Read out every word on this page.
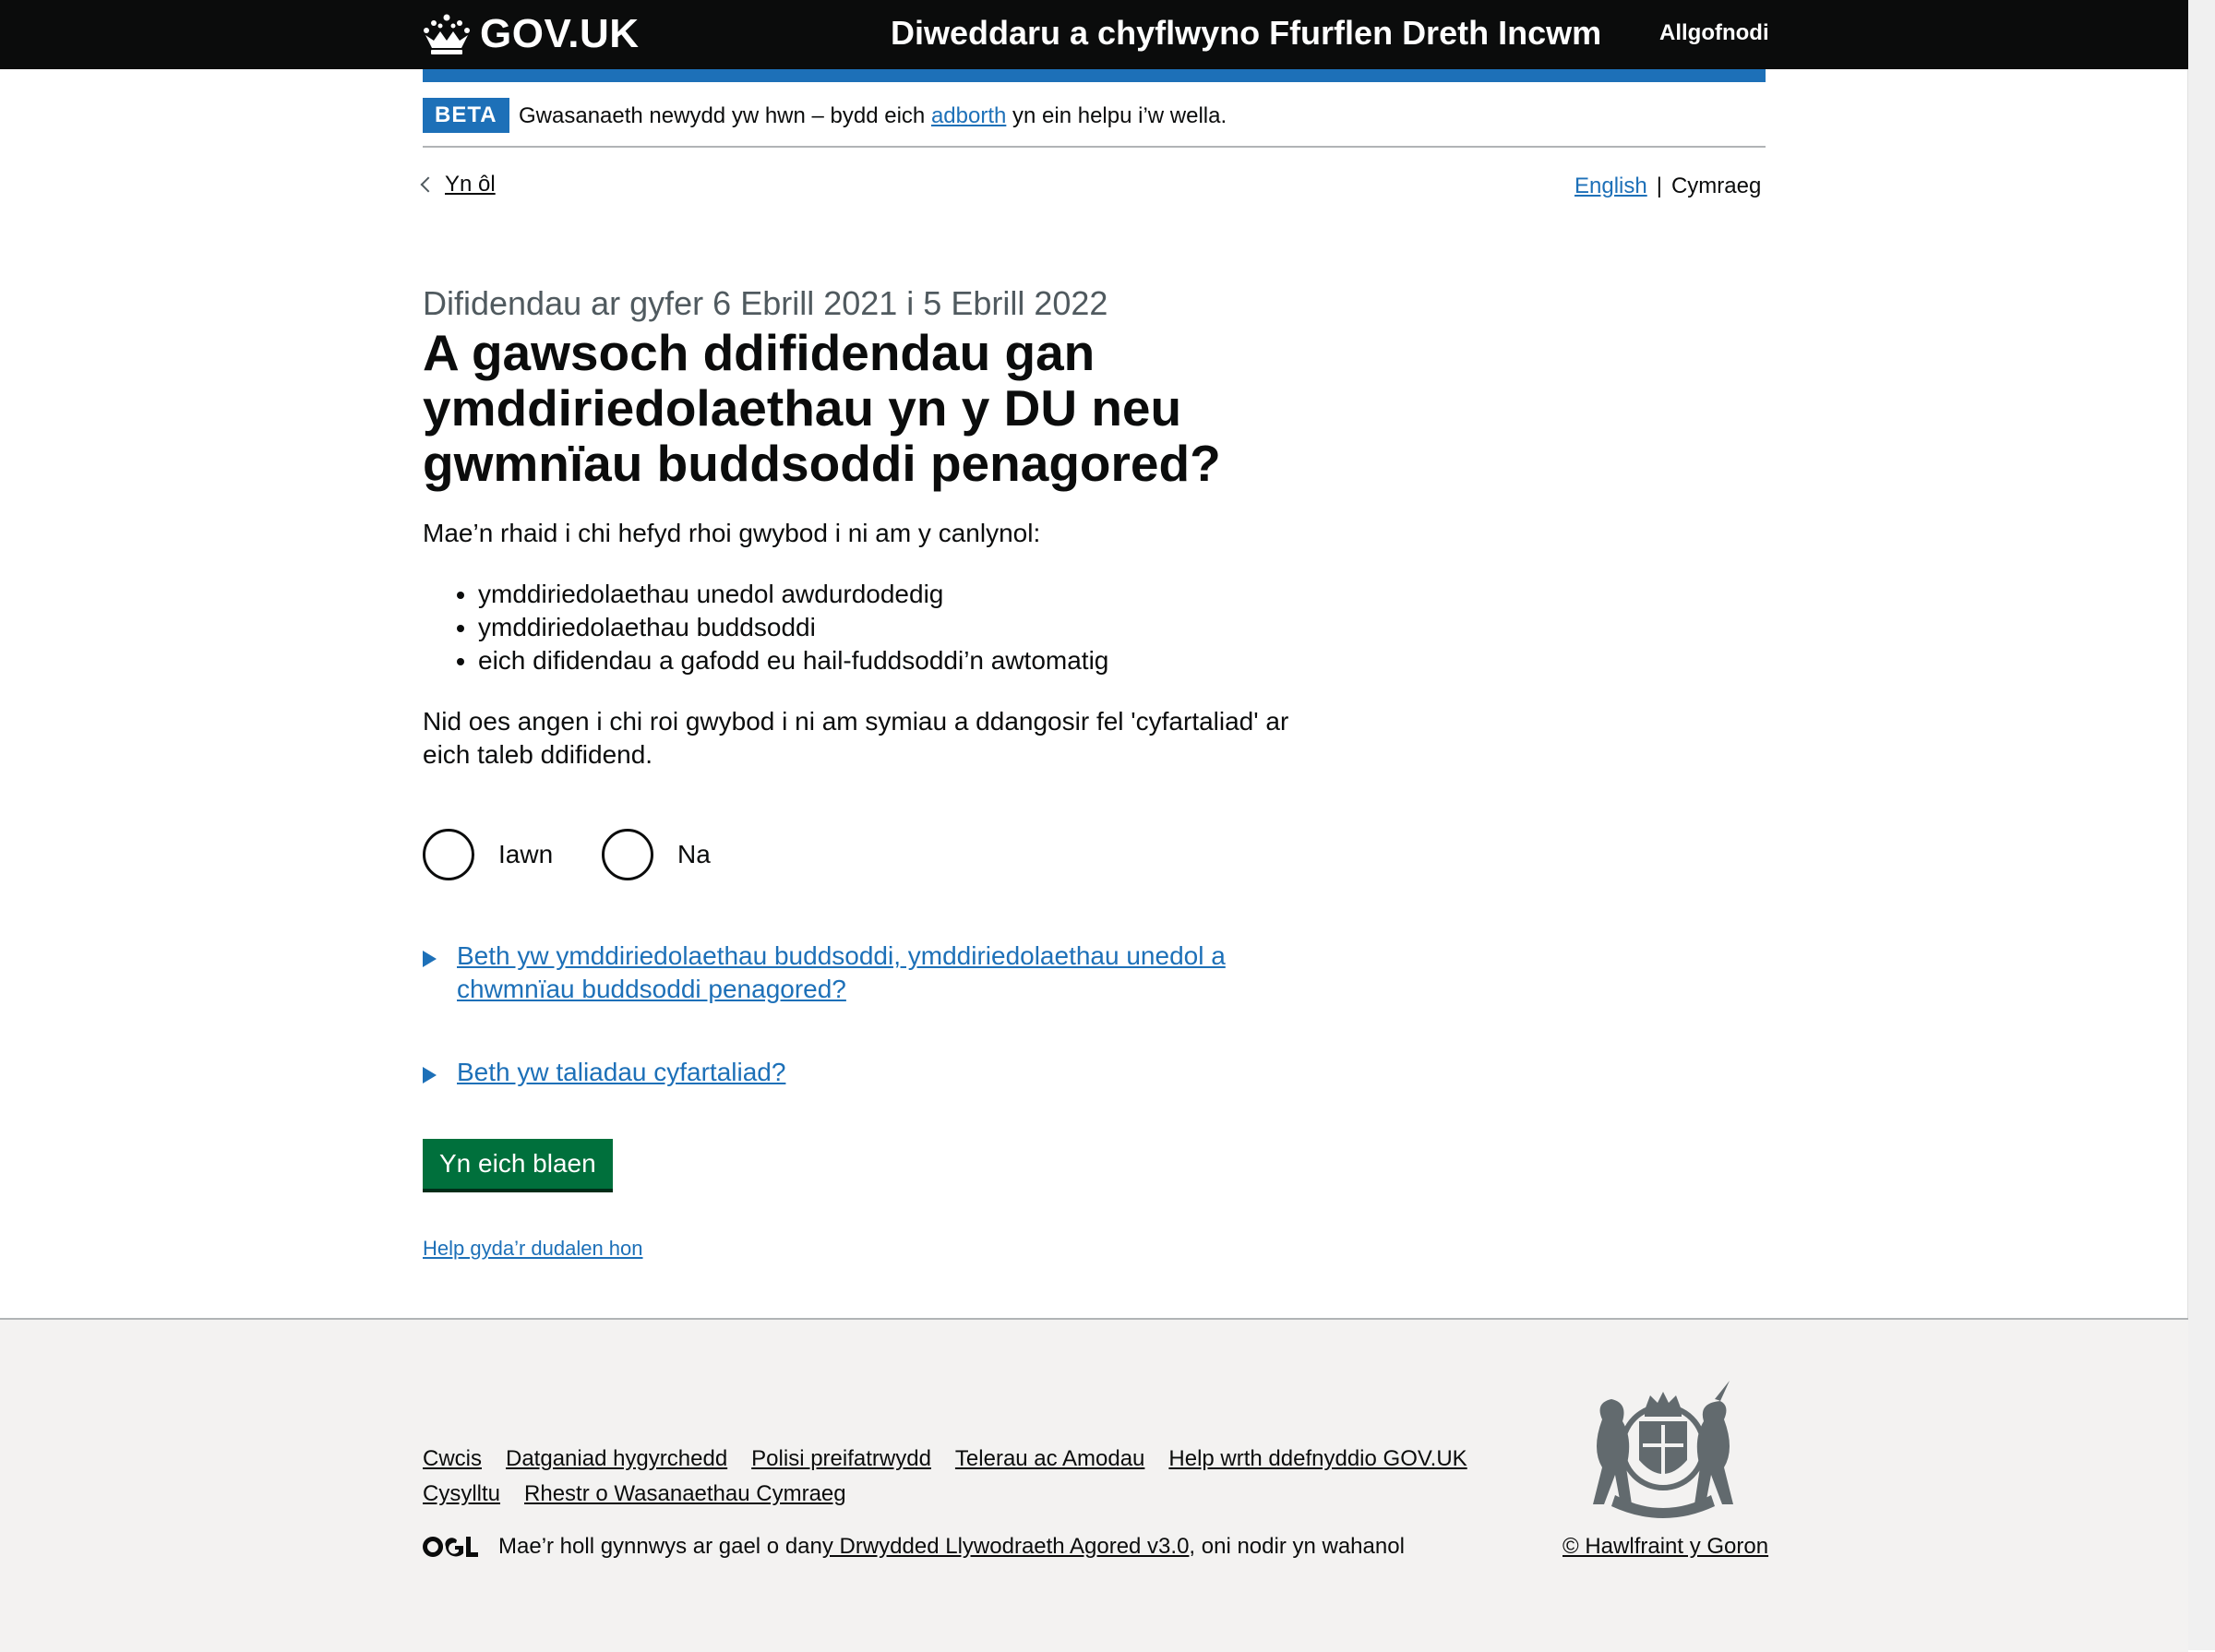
GOV.UK	Diweddaru a chyflwyno Ffurflen Dreth Incwm	Allgofnodi
BETA Gwasanaeth newydd yw hwn – bydd eich adborth yn ein helpu i’w wella.
Yn ôl	English | Cymraeg
Difidendau ar gyfer 6 Ebrill 2021 i 5 Ebrill 2022
A gawsoch ddifidendau gan ymddiriedolaethau yn y DU neu gwmnïau buddsoddi penagored?

Mae’n rhaid i chi hefyd rhoi gwybod i ni am y canlynol:

• ymddiriedolaethau unedol awdurdodedig
• ymddiriedolaethau buddsoddi
• eich difidendau a gafodd eu hail-fuddsoddi’n awtomatig

Nid oes angen i chi roi gwybod i ni am symiau a ddangosir fel 'cyfartaliad' ar eich taleb ddifidend.

Iawn	Na
Beth yw ymddiriedolaethau buddsoddi, ymddiriedolaethau unedol a chwmnïau buddsoddi penagored?
Beth yw taliadau cyfartaliad?
Yn eich blaen
Help gyda’r dudalen hon
Cwcis Datganiad hygyrchedd Polisi preifatrwydd Telerau ac Amodau Help wrth ddefnyddio GOV.UK
Cysylltu Rhestr o Wasanaethau Cymraeg
Mae’r holl gynnwys ar gael o dan y Drwydded Llywodraeth Agored v3.0 , oni nodir yn wahanol	© Hawlfraint y Goron
